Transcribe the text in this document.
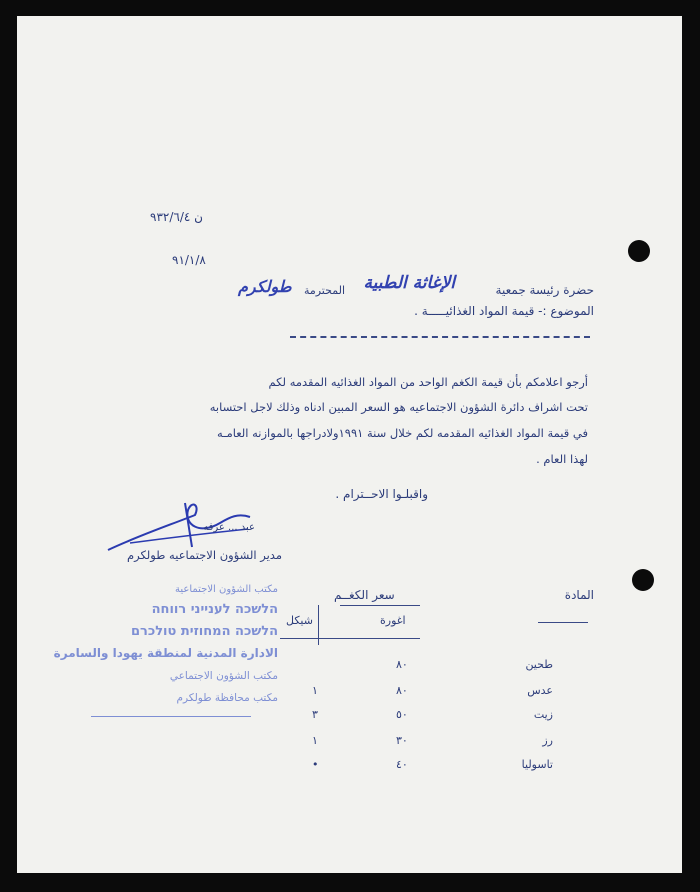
ن ٩٣٢/٦/٤
٩١/١/٨
حضرة رئيسة جمعية
الإغاثة الطبية
المحترمة
طولكرم
الموضوع :- قيمة المواد الغذائيـــــة .
أرجو اعلامكم بأن قيمة الكغم الواحد من المواد الغذائيه المقدمه لكم
تحت اشراف دائرة الشؤون الاجتماعيه هو السعر المبين ادناه وذلك لاجل احتسابه
في قيمة المواد الغذائيه المقدمه لكم خلال سنة ١٩٩١ولادراجها بالموازنه العامـه
لهذا العام .
واقبلـوا الاحــترام .
عبد ... عرفه
مدير الشؤون الاجتماعيه طولكرم
مكتب الشؤون الاجتماعية
הלשכה לענייני רווחה
הלשכה המחוזית טולכרם
الادارة المدنية لمنطقة يهودا والسامرة
مكتب الشؤون الاجتماعي
مكتب محافظة طولكرم
المادة
سعر الكغــم
اغورة
شيكل
طحين
٨٠
عدس
٨٠
١
زيت
٥٠
٣
رز
٣٠
١
تاسوليا
٤٠
•
